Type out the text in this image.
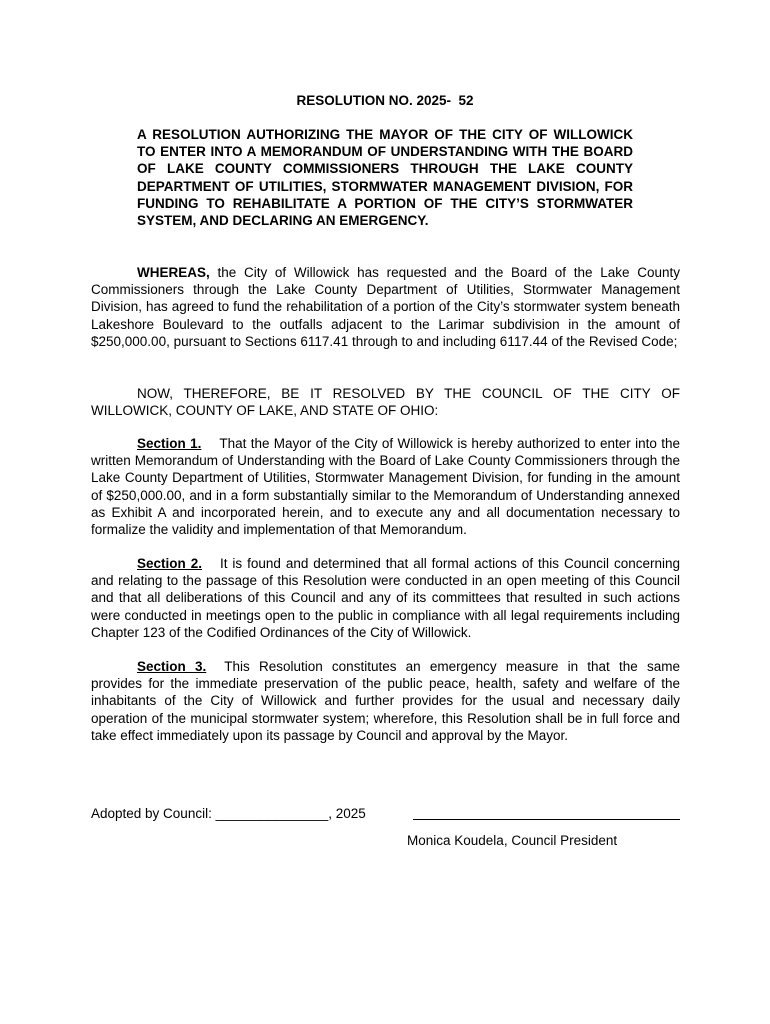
RESOLUTION NO. 2025-  52

A RESOLUTION AUTHORIZING THE MAYOR OF THE CITY OF WILLOWICK TO ENTER INTO A MEMORANDUM OF UNDERSTANDING WITH THE BOARD OF LAKE COUNTY COMMISSIONERS THROUGH THE LAKE COUNTY DEPARTMENT OF UTILITIES, STORMWATER MANAGEMENT DIVISION, FOR FUNDING TO REHABILITATE A PORTION OF THE CITY’S STORMWATER SYSTEM, AND DECLARING AN EMERGENCY.

WHEREAS, the City of Willowick has requested and the Board of the Lake County Commissioners through the Lake County Department of Utilities, Stormwater Management Division, has agreed to fund the rehabilitation of a portion of the City’s stormwater system beneath Lakeshore Boulevard to the outfalls adjacent to the Larimar subdivision in the amount of $250,000.00, pursuant to Sections 6117.41 through to and including 6117.44 of the Revised Code;

NOW, THEREFORE, BE IT RESOLVED BY THE COUNCIL OF THE CITY OF WILLOWICK, COUNTY OF LAKE, AND STATE OF OHIO:

Section 1. That the Mayor of the City of Willowick is hereby authorized to enter into the written Memorandum of Understanding with the Board of Lake County Commissioners through the Lake County Department of Utilities, Stormwater Management Division, for funding in the amount of $250,000.00, and in a form substantially similar to the Memorandum of Understanding annexed as Exhibit A and incorporated herein, and to execute any and all documentation necessary to formalize the validity and implementation of that Memorandum.

Section 2. It is found and determined that all formal actions of this Council concerning and relating to the passage of this Resolution were conducted in an open meeting of this Council and that all deliberations of this Council and any of its committees that resulted in such actions were conducted in meetings open to the public in compliance with all legal requirements including Chapter 123 of the Codified Ordinances of the City of Willowick.

Section 3. This Resolution constitutes an emergency measure in that the same provides for the immediate preservation of the public peace, health, safety and welfare of the inhabitants of the City of Willowick and further provides for the usual and necessary daily operation of the municipal stormwater system; wherefore, this Resolution shall be in full force and take effect immediately upon its passage by Council and approval by the Mayor.

Adopted by Council: _______________, 2025

Monica Koudela, Council President
